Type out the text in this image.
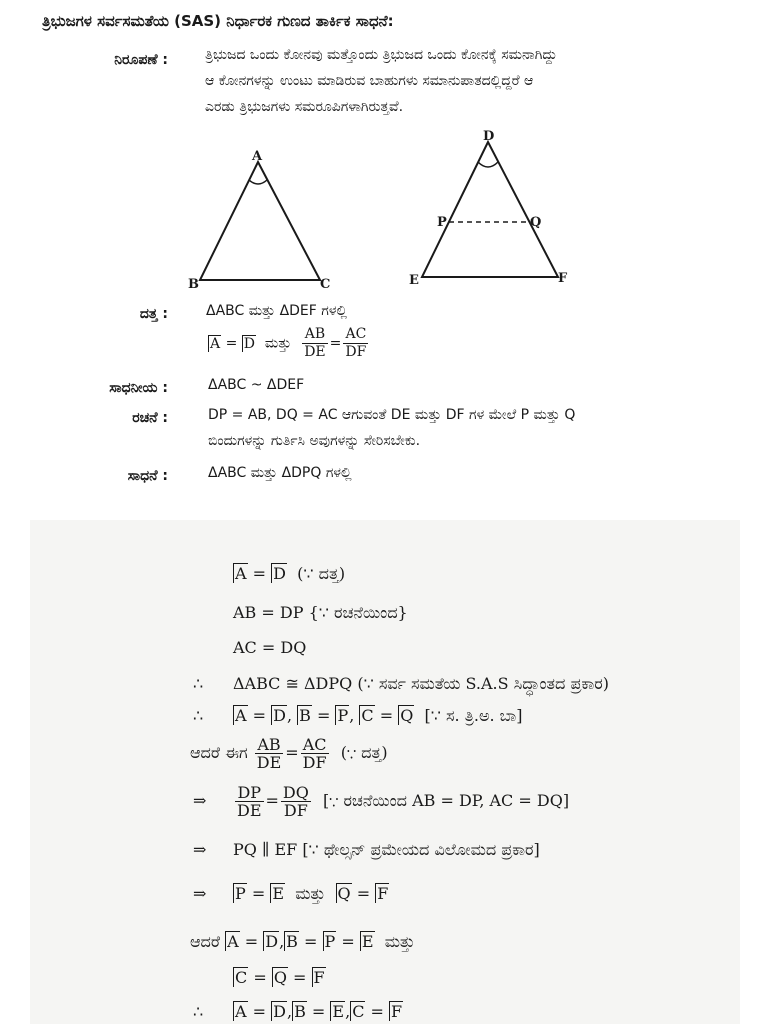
ತ್ರಿಭುಜಗಳ ಸರ್ವಸಮತೆಯ (SAS) ನಿರ್ಧಾರಕ ಗುಣದ ತಾರ್ಕಿಕ ಸಾಧನೆ:
ನಿರೂಪಣೆ :	ತ್ರಿಭುಜದ ಒಂದು ಕೋನವು ಮತ್ತೊಂದು ತ್ರಿಭುಜದ ಒಂದು ಕೋನಕ್ಕೆ ಸಮನಾಗಿದ್ದು
ಆ ಕೋನಗಳನ್ನು ಉಂಟು ಮಾಡಿರುವ ಬಾಹುಗಳು ಸಮಾನುಪಾತದಲ್ಲಿದ್ದರೆ ಆ
ಎರಡು ತ್ರಿಭುಜಗಳು ಸಮರೂಪಿಗಳಾಗಿರುತ್ತವೆ.
A
B	C
D
E	F
P	Q
ದತ್ತ :	ΔABC ಮತ್ತು ΔDEF ಗಳಲ್ಲಿ
A = D ಮತ್ತು $\frac{AB}{DE} = \frac{AC}{DF}$
ಸಾಧನೀಯ :	ΔABC ~ ΔDEF
ರಚನೆ :	DP = AB, DQ = AC ಆಗುವಂತೆ DE ಮತ್ತು DF ಗಳ ಮೇಲೆ P ಮತ್ತು Q
ಬಿಂದುಗಳನ್ನು ಗುರ್ತಿಸಿ ಅವುಗಳನ್ನು ಸೇರಿಸಬೇಕು.
ಸಾಧನೆ :	ΔABC ಮತ್ತು ΔDPQ ಗಳಲ್ಲಿ
A = D (∵ ದತ್ತ)
AB = DP {∵ ರಚನೆಯಿಂದ}
AC = DQ
∴ ΔABC ≅ ΔDPQ (∵ ಸರ್ವ ಸಮತೆಯ S.A.S ಸಿದ್ಧಾಂತದ ಪ್ರಕಾರ)
∴ A = D, B = P, C = Q [∵ ಸ. ತ್ರಿ.ಅ. ಬಾ]
ಆದರೆ ಈಗ $\frac{AB}{DE} = \frac{AC}{DF}$ (∵ ದತ್ತ)
⇒ $\frac{DP}{DE} = \frac{DQ}{DF}$ [∵ ರಚನೆಯಿಂದ AB = DP, AC = DQ]
⇒ PQ ∥ EF [∵ ಥೇಲ್ಸನ್ ಪ್ರಮೇಯದ ವಿಲೋಮದ ಪ್ರಕಾರ]
⇒ P = E ಮತ್ತು Q = F
ಆದರೆ A = D, B = P = E ಮತ್ತು
C = Q = F
∴ A = D, B = E, C = F
